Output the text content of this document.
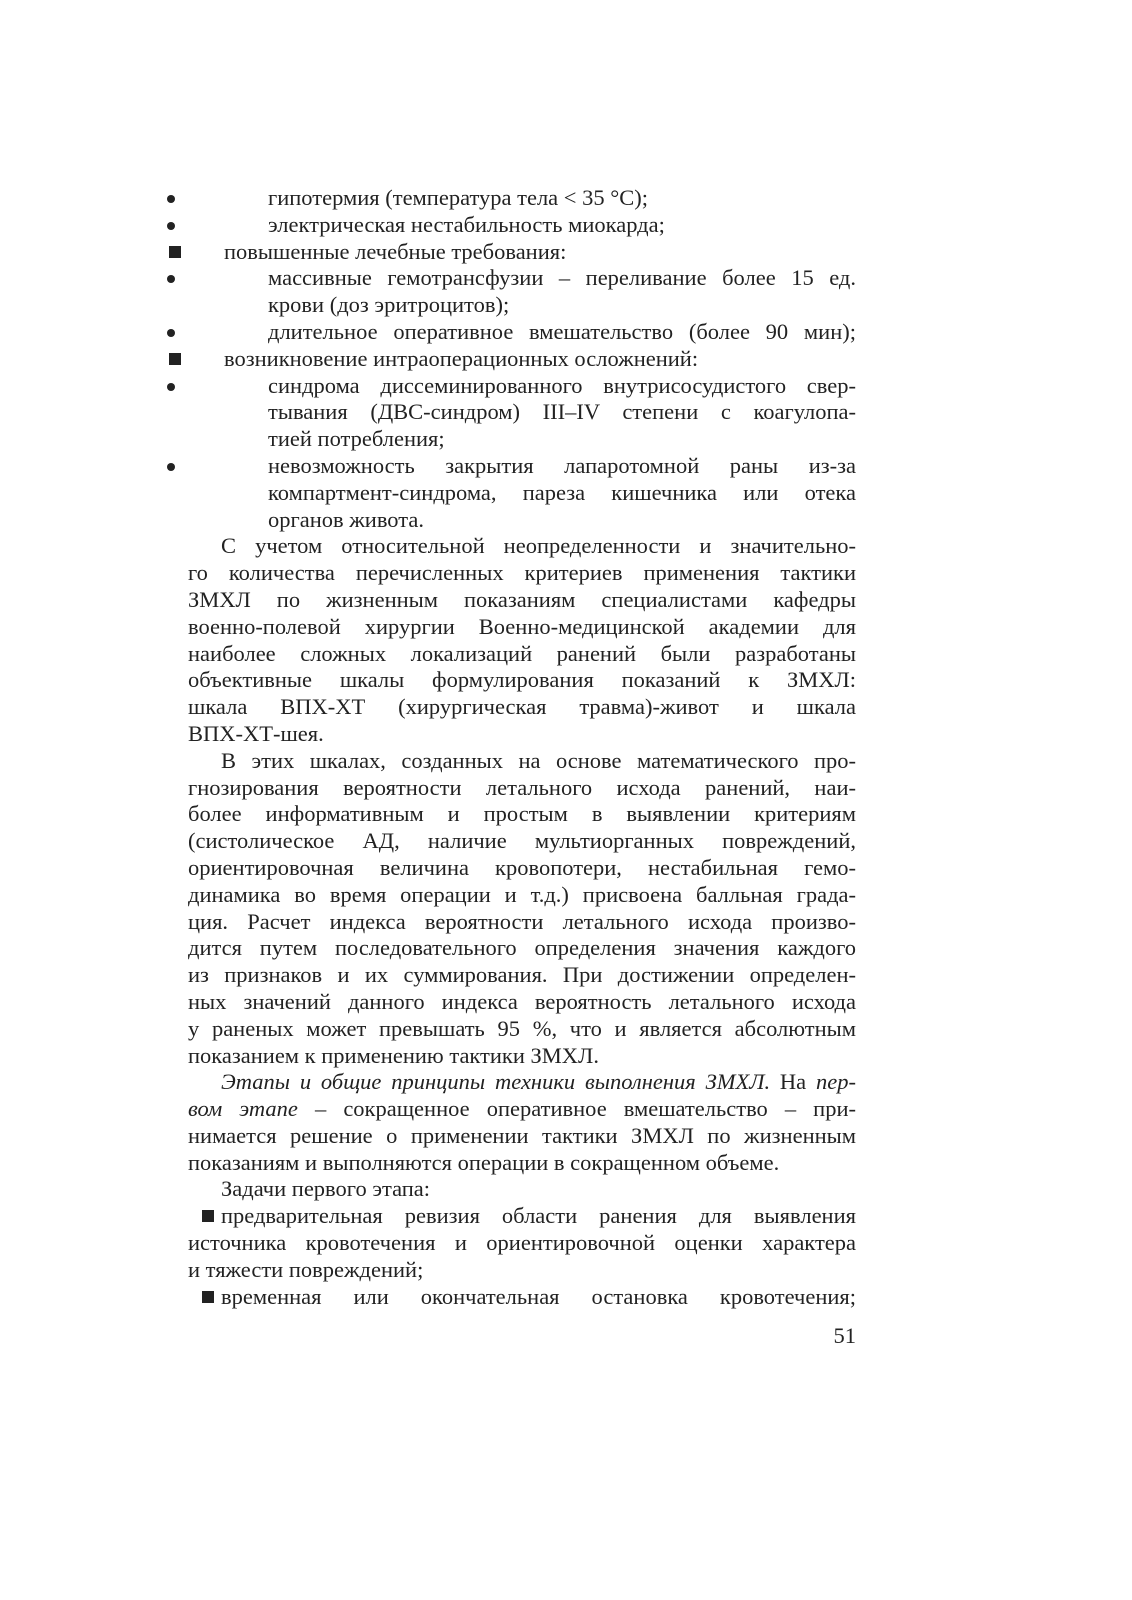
гипотермия (температура тела < 35 °С);
электрическая нестабильность миокарда;
повышенные лечебные требования:
массивные гемотрансфузии – переливание более 15 ед.
крови (доз эритроцитов);
длительное оперативное вмешательство (более 90 мин);
возникновение интраоперационных осложнений:
синдрома диссеминированного внутрисосудистого свер-
тывания (ДВС-синдром) III–IV степени с коагулопа-
тией потребления;
невозможность закрытия лапаротомной раны из-за
компартмент-синдрома, пареза кишечника или отека
органов живота.
С учетом относительной неопределенности и значительно-
го количества перечисленных критериев применения тактики
ЗМХЛ по жизненным показаниям специалистами кафедры
военно-полевой хирургии Военно-медицинской академии для
наиболее сложных локализаций ранений были разработаны
объективные шкалы формулирования показаний к ЗМХЛ:
шкала ВПХ-ХТ (хирургическая травма)-живот и шкала
ВПХ-ХТ-шея.
В этих шкалах, созданных на основе математического про-
гнозирования вероятности летального исхода ранений, наи-
более информативным и простым в выявлении критериям
(систолическое АД, наличие мультиорганных повреждений,
ориентировочная величина кровопотери, нестабильная гемо-
динамика во время операции и т.д.) присвоена балльная града-
ция. Расчет индекса вероятности летального исхода произво-
дится путем последовательного определения значения каждого
из признаков и их суммирования. При достижении определен-
ных значений данного индекса вероятность летального исхода
у раненых может превышать 95 %, что и является абсолютным
показанием к применению тактики ЗМХЛ.
Этапы и общие принципы техники выполнения ЗМХЛ. На пер-
вом этапе – сокращенное оперативное вмешательство – при-
нимается решение о применении тактики ЗМХЛ по жизненным
показаниям и выполняются операции в сокращенном объеме.
Задачи первого этапа:
предварительная ревизия области ранения для выявления
источника кровотечения и ориентировочной оценки характера
и тяжести повреждений;
временная или окончательная остановка кровотечения;
51
